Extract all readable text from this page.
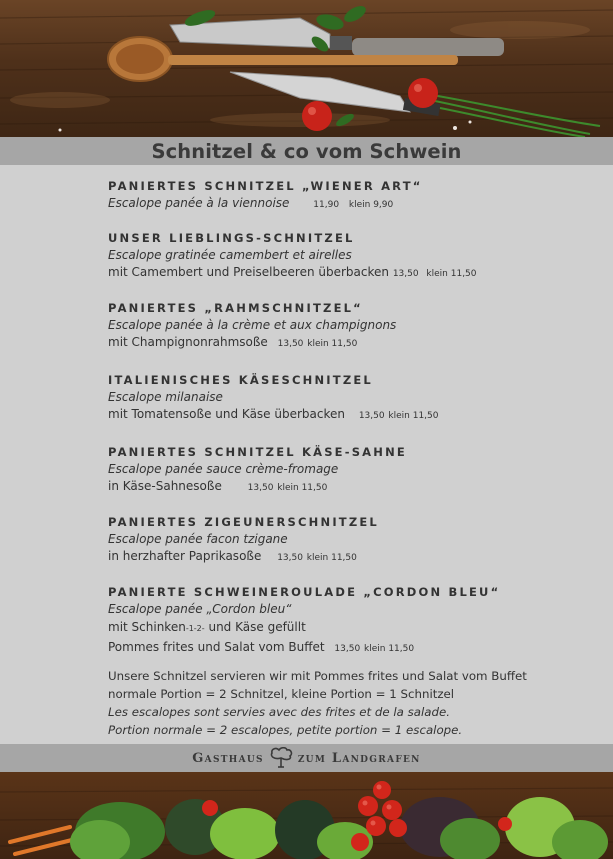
Schnitzel & co vom Schwein
PANIERTES SCHNITZEL „WIENER ART“
Escalope panée à la viennoise	11,90 klein 9,90
UNSER LIEBLINGS-SCHNITZEL
Escalope gratinée camembert et airelles
mit Camembert und Preiselbeeren überbacken 13,50 klein 11,50
PANIERTES „RAHMSCHNITZEL“
Escalope panée à la crème et aux champignons
mit Champignonrahmsoße 13,50 klein 11,50
ITALIENISCHES KÄSESCHNITZEL
Escalope milanaise
mit Tomatensoße und Käse überbacken 13,50 klein 11,50
PANIERTES SCHNITZEL KÄSE-SAHNE
Escalope panée sauce crème-fromage
in Käse-Sahnesoße	13,50 klein 11,50
PANIERTES ZIGEUNERSCHNITZEL
Escalope panée facon tzigane
in herzhafter Paprikasoße 13,50 klein 11,50
PANIERTE SCHWEINEROULADE „CORDON BLEU“
Escalope panée „Cordon bleu“
mit Schinken-1-2- und Käse gefüllt
Pommes frites und Salat vom Buffet 13,50 klein 11,50
Unsere Schnitzel servieren wir mit Pommes frites und Salat vom Buffet
normale Portion = 2 Schnitzel, kleine Portion = 1 Schnitzel
Les escalopes sont servies avec des frites et de la salade.
Portion normale = 2 escalopes, petite portion = 1 escalope.
Gasthaus	zum Landgrafen
